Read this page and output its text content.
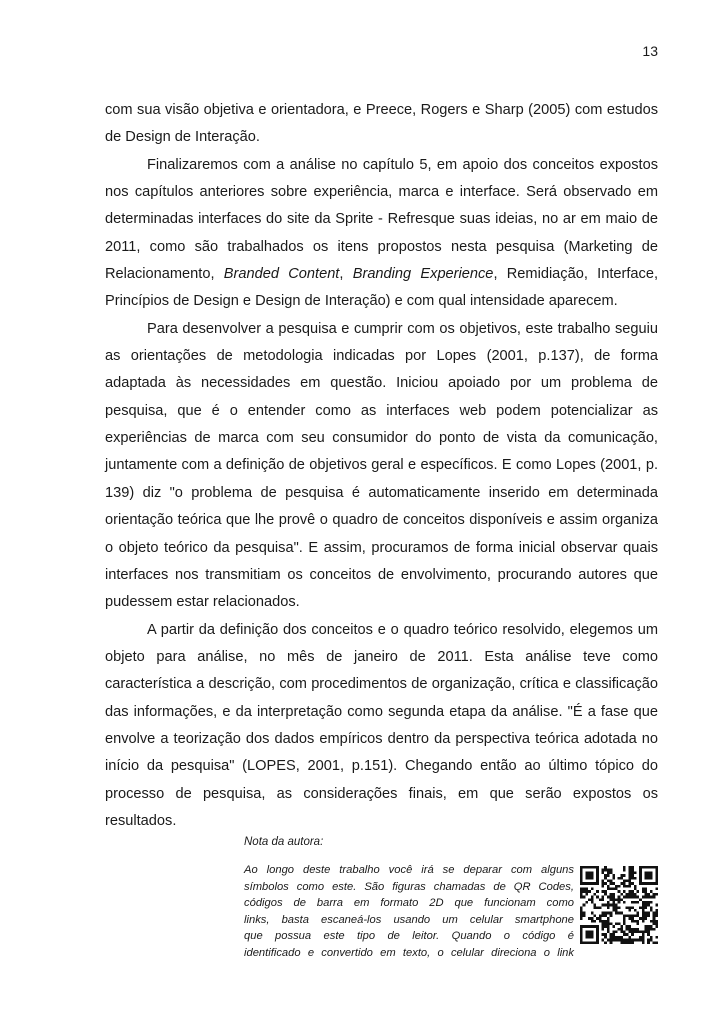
13
com sua visão objetiva e orientadora, e Preece, Rogers e Sharp (2005) com estudos
de Design de Interação.
Finalizaremos com a análise no capítulo 5, em apoio dos conceitos expostos
nos capítulos anteriores sobre experiência, marca e interface. Será observado em
determinadas interfaces do site da Sprite - Refresque suas ideias, no ar em maio de
2011, como são trabalhados os itens propostos nesta pesquisa (Marketing de
Relacionamento, Branded Content, Branding Experience, Remidiação, Interface,
Princípios de Design e Design de Interação) e com qual intensidade aparecem.
Para desenvolver a pesquisa e cumprir com os objetivos, este trabalho seguiu
as orientações de metodologia indicadas por Lopes (2001, p.137), de forma
adaptada às necessidades em questão. Iniciou apoiado por um problema de
pesquisa, que é o entender como as interfaces web podem potencializar as
experiências de marca com seu consumidor do ponto de vista da comunicação,
juntamente com a definição de objetivos geral e específicos. E como Lopes (2001, p.
139) diz "o problema de pesquisa é automaticamente inserido em determinada
orientação teórica que lhe provê o quadro de conceitos disponíveis e assim organiza
o objeto teórico da pesquisa". E assim, procuramos de forma inicial observar quais
interfaces nos transmitiam os conceitos de envolvimento, procurando autores que
pudessem estar relacionados.
A partir da definição dos conceitos e o quadro teórico resolvido, elegemos um
objeto para análise, no mês de janeiro de 2011. Esta análise teve como
característica a descrição, com procedimentos de organização, crítica e classificação
das informações, e da interpretação como segunda etapa da análise. "É a fase que
envolve a teorização dos dados empíricos dentro da perspectiva teórica adotada no
início da pesquisa" (LOPES, 2001, p.151). Chegando então ao último tópico do
processo de pesquisa, as considerações finais, em que serão expostos os
resultados.
Nota da autora:
Ao longo deste trabalho você irá se deparar com alguns
símbolos como este. São figuras chamadas de QR Codes,
códigos de barra em formato 2D que funcionam como
links, basta escaneá-los usando um celular smartphone
que possua este tipo de leitor. Quando o código é
identificado e convertido em texto, o celular direciona o link
